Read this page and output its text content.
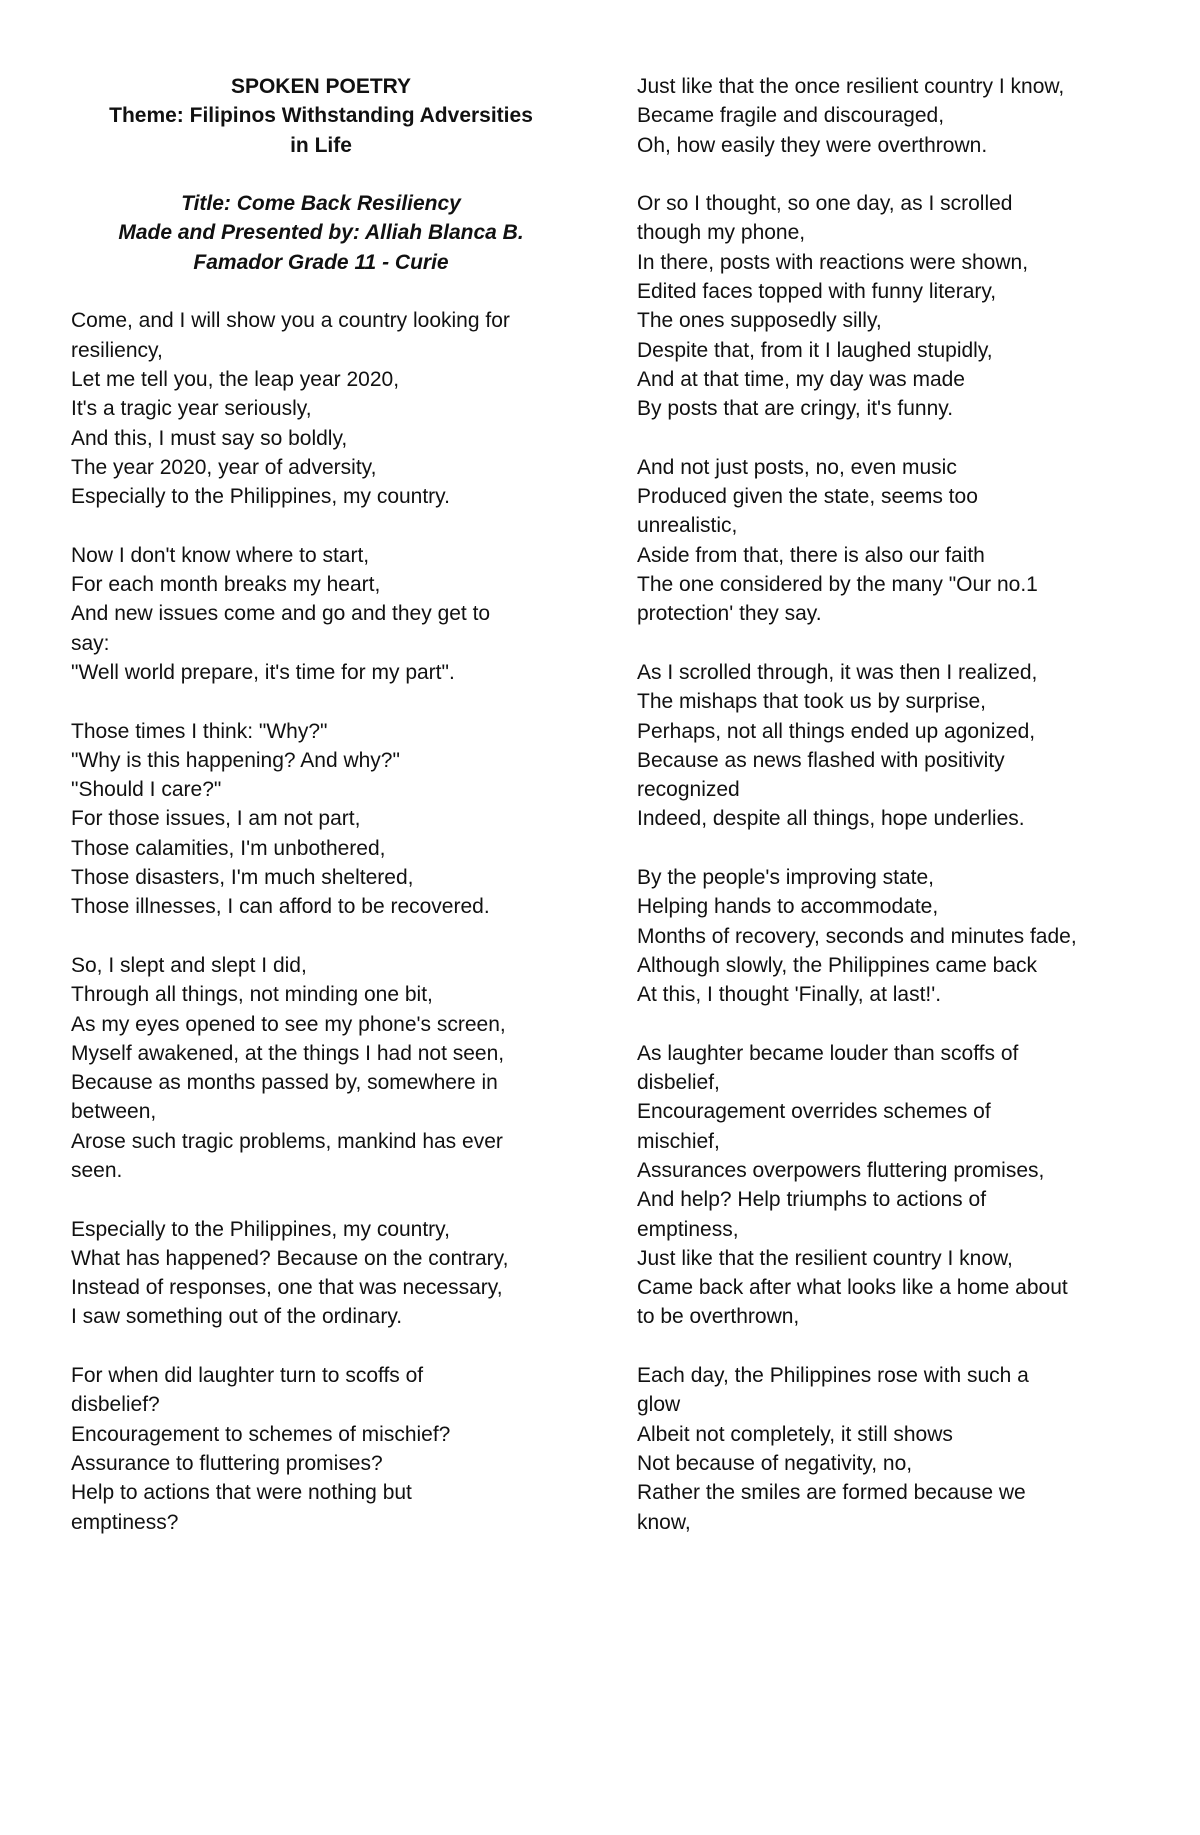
SPOKEN POETRY
Theme: Filipinos Withstanding Adversities
in Life
Title: Come Back Resiliency
Made and Presented by: Alliah Blanca B.
Famador Grade 11 - Curie
Come, and I will show you a country looking for
resiliency,
Let me tell you, the leap year 2020,
It's a tragic year seriously,
And this, I must say so boldly,
The year 2020, year of adversity,
Especially to the Philippines, my country.
Now I don't know where to start,
For each month breaks my heart,
And new issues come and go and they get to
say:
"Well world prepare, it's time for my part".
Those times I think: "Why?"
"Why is this happening? And why?"
"Should I care?"
For those issues, I am not part,
Those calamities, I'm unbothered,
Those disasters, I'm much sheltered,
Those illnesses, I can afford to be recovered.
So, I slept and slept I did,
Through all things, not minding one bit,
As my eyes opened to see my phone's screen,
Myself awakened, at the things I had not seen,
Because as months passed by, somewhere in
between,
Arose such tragic problems, mankind has ever
seen.
Especially to the Philippines, my country,
What has happened? Because on the contrary,
Instead of responses, one that was necessary,
I saw something out of the ordinary.
For when did laughter turn to scoffs of
disbelief?
Encouragement to schemes of mischief?
Assurance to fluttering promises?
Help to actions that were nothing but
emptiness?
Just like that the once resilient country I know,
Became fragile and discouraged,
Oh, how easily they were overthrown.
Or so I thought, so one day, as I scrolled
though my phone,
In there, posts with reactions were shown,
Edited faces topped with funny literary,
The ones supposedly silly,
Despite that, from it I laughed stupidly,
And at that time, my day was made
By posts that are cringy, it's funny.
And not just posts, no, even music
Produced given the state, seems too
unrealistic,
Aside from that, there is also our faith
The one considered by the many "Our no.1
protection' they say.
As I scrolled through, it was then I realized,
The mishaps that took us by surprise,
Perhaps, not all things ended up agonized,
Because as news flashed with positivity
recognized
Indeed, despite all things, hope underlies.
By the people's improving state,
Helping hands to accommodate,
Months of recovery, seconds and minutes fade,
Although slowly, the Philippines came back
At this, I thought 'Finally, at last!'.
As laughter became louder than scoffs of
disbelief,
Encouragement overrides schemes of
mischief,
Assurances overpowers fluttering promises,
And help? Help triumphs to actions of
emptiness,
Just like that the resilient country I know,
Came back after what looks like a home about
to be overthrown,
Each day, the Philippines rose with such a
glow
Albeit not completely, it still shows
Not because of negativity, no,
Rather the smiles are formed because we
know,
